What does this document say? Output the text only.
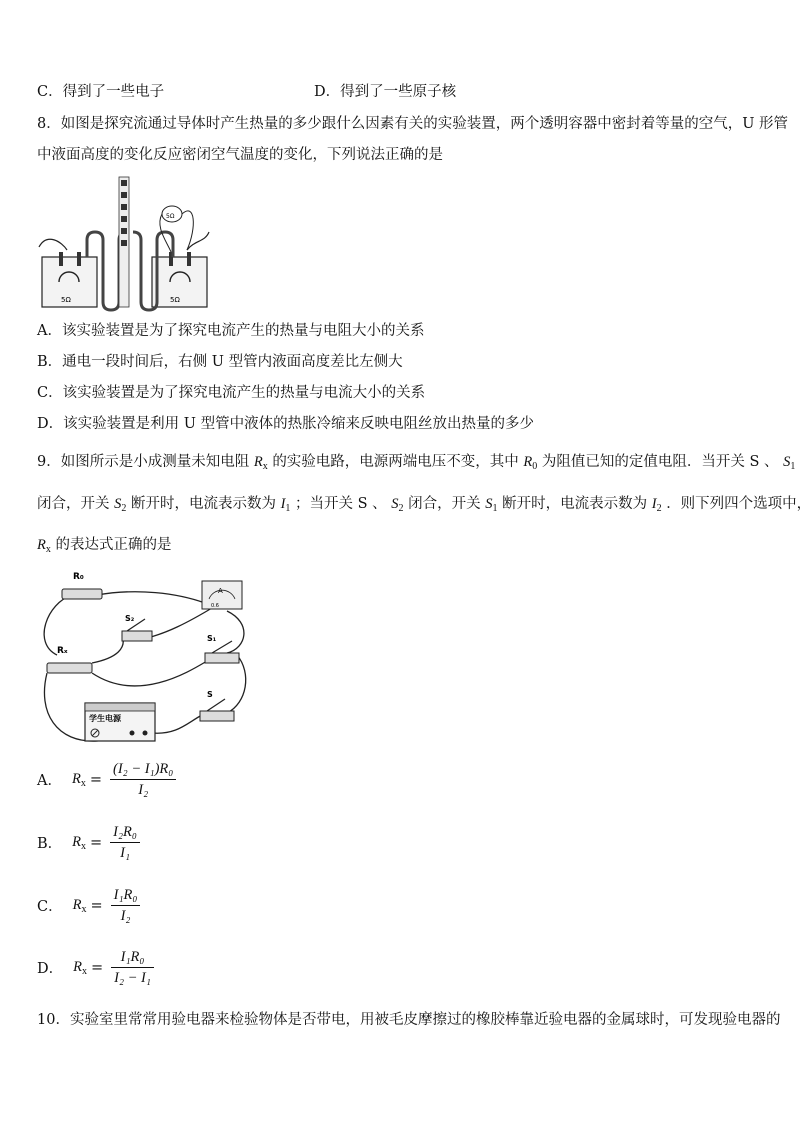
C．得到了一些电子	D．得到了一些原子核
8．如图是探究流通过导体时产生热量的多少跟什么因素有关的实验装置，两个透明容器中密封着等量的空气，U 形管
中液面高度的变化反应密闭空气温度的变化，下列说法正确的是
5Ω	5Ω
5Ω
A．该实验装置是为了探究电流产生的热量与电阻大小的关系
B．通电一段时间后，右侧 U 型管内液面高度差比左侧大
C．该实验装置是为了探究电流产生的热量与电流大小的关系
D．该实验装置是利用 U 型管中液体的热胀冷缩来反映电阻丝放出热量的多少
9．如图所示是小成测量未知电阻 $R_x$ 的实验电路，电源两端电压不变，其中 $R_0$ 为阻值已知的定值电阻．当开关 S 、 $S_1$
闭合，开关 $S_2$ 断开时，电流表示数为 $I_1$ ；当开关 S 、 $S_2$ 闭合，开关 $S_1$ 断开时，电流表示数为 $I_2$ ．则下列四个选项中，
$R_x$ 的表达式正确的是
R₀
Rₓ
A
0.6
S₂
S₁
S
学生电源
A． $R_x = \frac{\text{(I₂ − I₁)R₀}}{\text{I₂}}$
B． $R_x = \frac{\text{I₂R₀}}{\text{I₁}}$
C． $R_x = \frac{\text{I₁R₀}}{\text{I₂}}$
D． $R_x = \frac{\text{I₁R₀}}{\text{I₂ − I₁}}$
10．实验室里常常用验电器来检验物体是否带电，用被毛皮摩擦过的橡胶棒靠近验电器的金属球时，可发现验电器的
